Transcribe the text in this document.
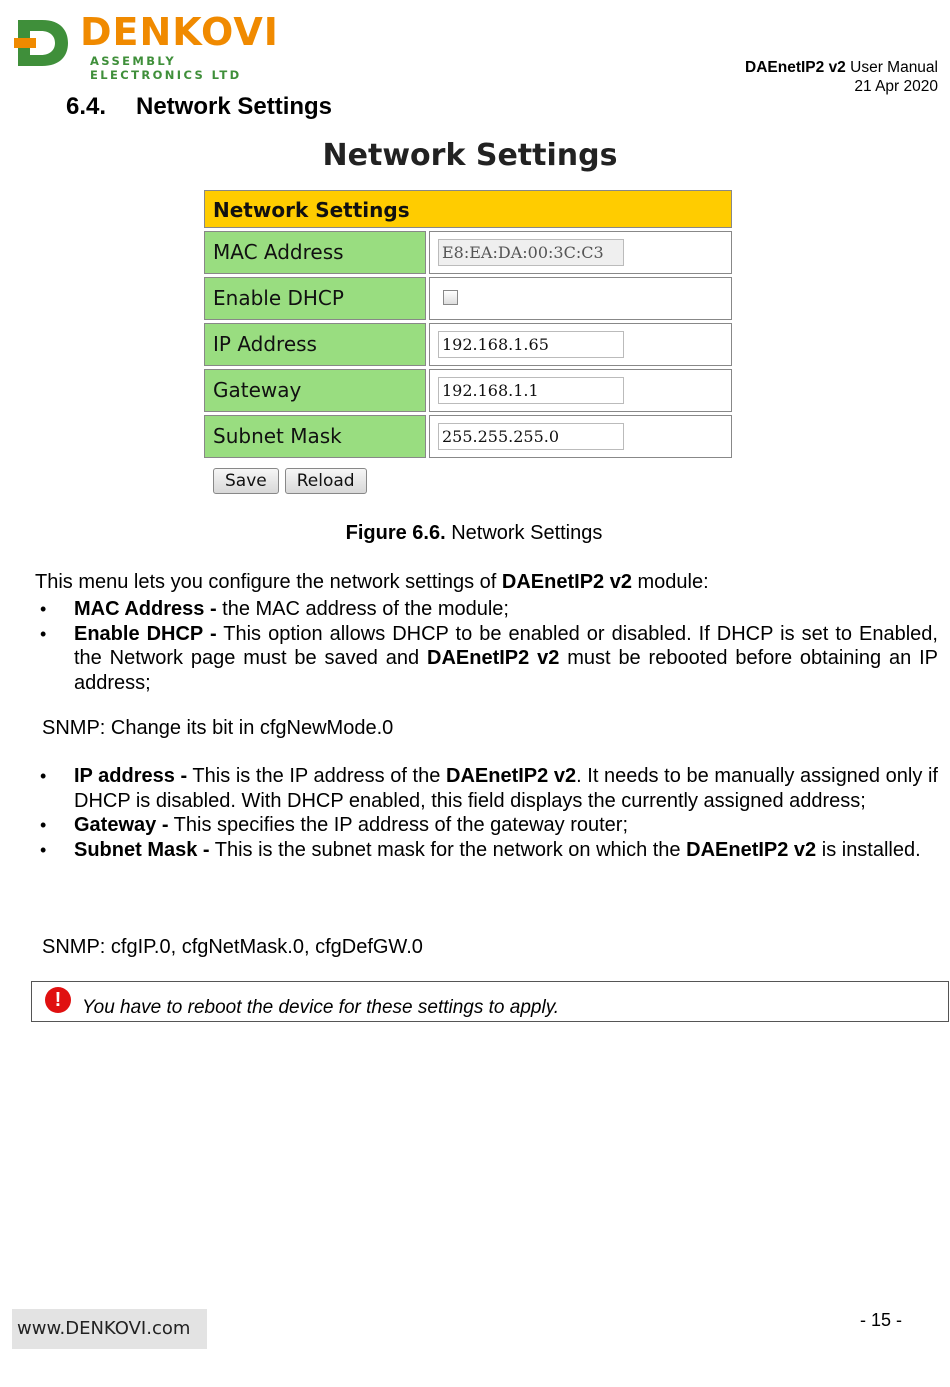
DENKOVI
ASSEMBLY ELECTRONICS LTD	DAEnetIP2 v2 User Manual
21 Apr 2020
6.4. Network Settings
Network Settings
Network Settings
MAC Address	E8:EA:DA:00:3C:C3
Enable DHCP
IP Address	192.168.1.65
Gateway	192.168.1.1
Subnet Mask	255.255.255.0
Save Reload
Figure 6.6. Network Settings
This menu lets you configure the network settings of DAEnetIP2 v2 module:
• MAC Address - the MAC address of the module;
• Enable DHCP - This option allows DHCP to be enabled or disabled. If DHCP is set to Enabled, the Network page must be saved and DAEnetIP2 v2 must be rebooted before obtaining an IP address;
SNMP: Change its bit in cfgNewMode.0
• IP address - This is the IP address of the DAEnetIP2 v2. It needs to be manually assigned only if DHCP is disabled. With DHCP enabled, this field displays the currently assigned address;
• Gateway - This specifies the IP address of the gateway router;
• Subnet Mask - This is the subnet mask for the network on which the DAEnetIP2 v2 is installed.
SNMP: cfgIP.0, cfgNetMask.0, cfgDefGW.0
!	You have to reboot the device for these settings to apply.
www.DENKOVI.com	- 15 -
